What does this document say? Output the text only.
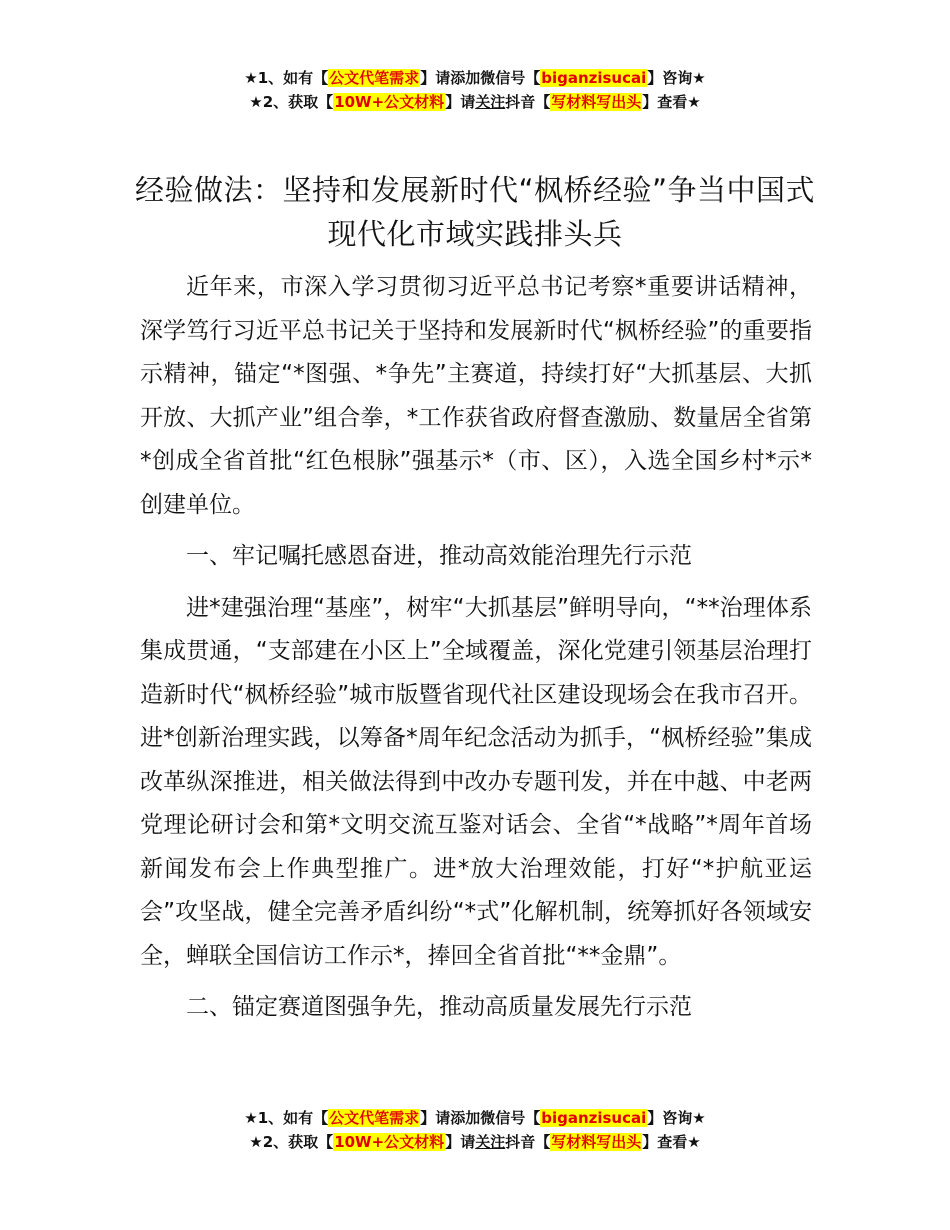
★1、如有【公文代笔需求】请添加微信号【biganzisucai】咨询★
★2、获取【10W+公文材料】请关注抖音【写材料写出头】查看★
经验做法：坚持和发展新时代“枫桥经验”争当中国式现代化市域实践排头兵

近年来，市深入学习贯彻习近平总书记考察*重要讲话精神，深学笃行习近平总书记关于坚持和发展新时代“枫桥经验”的重要指示精神，锚定“*图强、*争先”主赛道，持续打好“大抓基层、大抓开放、大抓产业”组合拳，*工作获省政府督查激励、数量居全省第*创成全省首批“红色根脉”强基示*（市、区），入选全国乡村*示*创建单位。

一、牢记嘱托感恩奋进，推动高效能治理先行示范

进*建强治理“基座”，树牢“大抓基层”鲜明导向，“**治理体系集成贯通，“支部建在小区上”全域覆盖，深化党建引领基层治理打造新时代“枫桥经验”城市版暨省现代社区建设现场会在我市召开。进*创新治理实践，以筹备*周年纪念活动为抓手，“枫桥经验”集成改革纵深推进，相关做法得到中改办专题刊发，并在中越、中老两党理论研讨会和第*文明交流互鉴对话会、全省“*战略”*周年首场新闻发布会上作典型推广。进*放大治理效能，打好“*护航亚运会”攻坚战，健全完善矛盾纠纷“*式”化解机制，统筹抓好各领域安全，蝉联全国信访工作示*，捧回全省首批“**金鼎”。

二、锚定赛道图强争先，推动高质量发展先行示范

★1、如有【公文代笔需求】请添加微信号【biganzisucai】咨询★
★2、获取【10W+公文材料】请关注抖音【写材料写出头】查看★
